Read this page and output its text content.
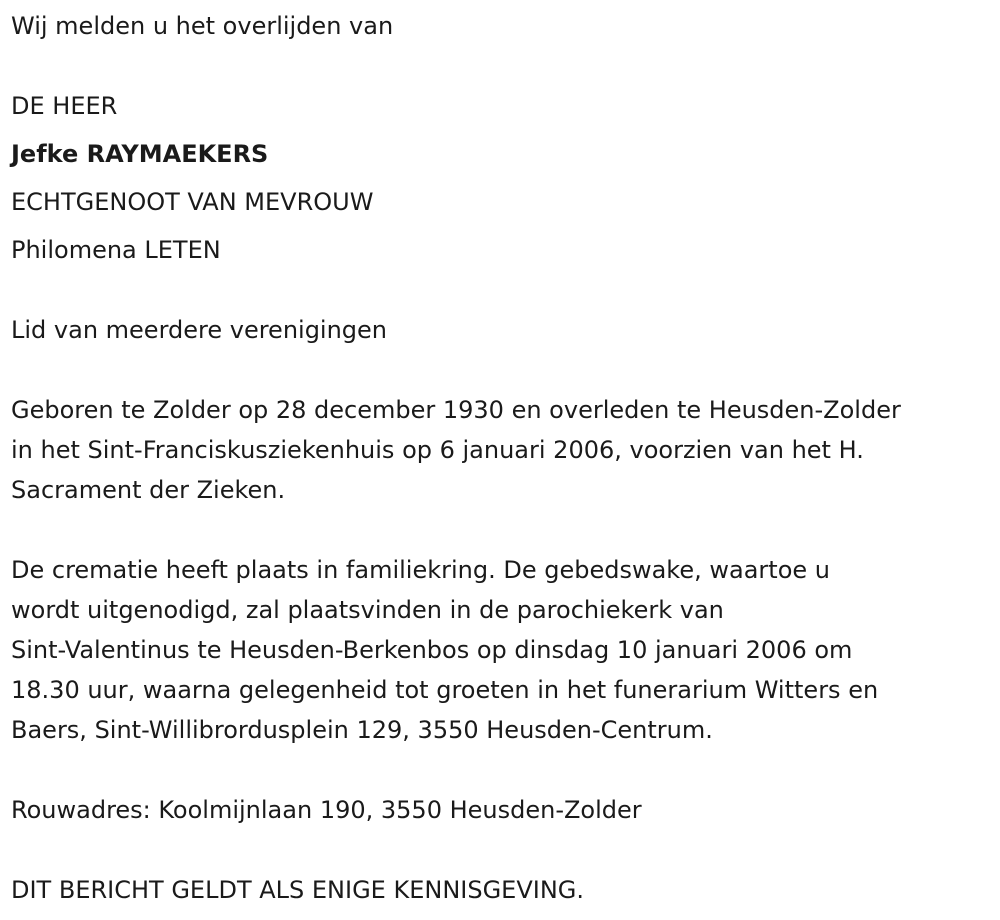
Wij melden u het overlijden van
DE HEER
Jefke RAYMAEKERS
ECHTGENOOT VAN MEVROUW
Philomena LETEN
Lid van meerdere verenigingen
Geboren te Zolder op 28 december 1930 en overleden te Heusden-Zolder
in het Sint-Franciskusziekenhuis op 6 januari 2006, voorzien van het H.
Sacrament der Zieken.
De crematie heeft plaats in familiekring. De gebedswake, waartoe u
wordt uitgenodigd, zal plaatsvinden in de parochiekerk van
Sint-Valentinus te Heusden-Berkenbos op dinsdag 10 januari 2006 om
18.30 uur, waarna gelegenheid tot groeten in het funerarium Witters en
Baers, Sint-Willibrordusplein 129, 3550 Heusden-Centrum.
Rouwadres: Koolmijnlaan 190, 3550 Heusden-Zolder
DIT BERICHT GELDT ALS ENIGE KENNISGEVING.
